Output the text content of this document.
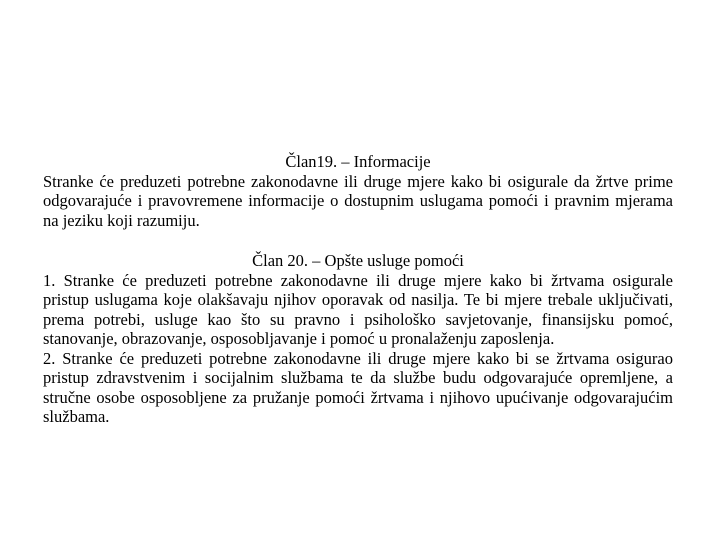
Član19. – Informacije

Stranke će preduzeti potrebne zakonodavne ili druge mjere kako bi osigurale da žrtve prime odgovarajuće i pravovremene informacije o dostupnim uslugama pomoći i pravnim mjerama na jeziku koji razumiju.

Član 20. – Opšte usluge pomoći

1. Stranke će preduzeti potrebne zakonodavne ili druge mjere kako bi žrtvama osigurale pristup uslugama koje olakšavaju njihov oporavak od nasilja. Te bi mjere trebale uključivati, prema potrebi, usluge kao što su pravno i psihološko savjetovanje, finansijsku pomoć, stanovanje, obrazovanje, osposobljavanje i pomoć u pronalaženju zaposlenja.

2. Stranke će preduzeti potrebne zakonodavne ili druge mjere kako bi se žrtvama osigurao pristup zdravstvenim i socijalnim službama te da službe budu odgovarajuće opremljene, a stručne osobe osposobljene za pružanje pomoći žrtvama i njihovo upućivanje odgovarajućim službama.
